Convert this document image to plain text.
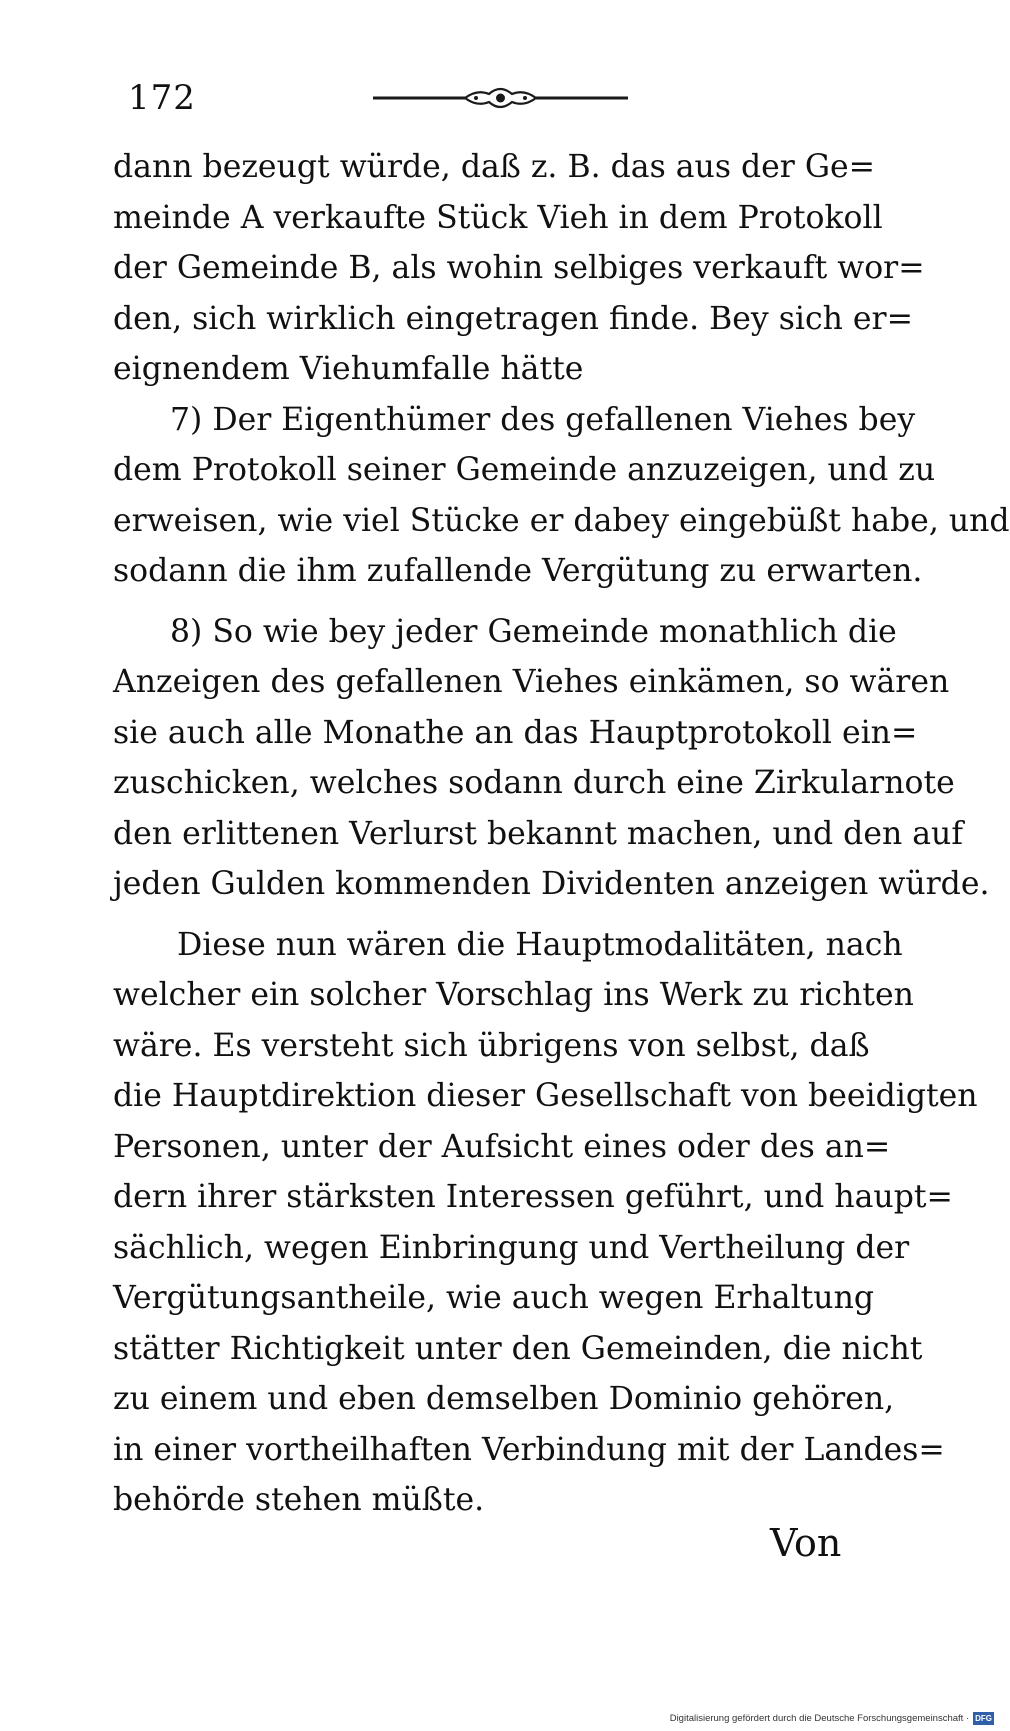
172
dann bezeugt würde, daß z. B. das aus der Ge=
meinde A verkaufte Stück Vieh in dem Protokoll
der Gemeinde B, als wohin selbiges verkauft wor=
den, sich wirklich eingetragen finde. Bey sich er=
eignendem Viehumfalle hätte
7) Der Eigenthümer des gefallenen Viehes bey
dem Protokoll seiner Gemeinde anzuzeigen, und zu
erweisen, wie viel Stücke er dabey eingebüßt habe, und
sodann die ihm zufallende Vergütung zu erwarten.
8) So wie bey jeder Gemeinde monathlich die
Anzeigen des gefallenen Viehes einkämen, so wären
sie auch alle Monathe an das Hauptprotokoll ein=
zuschicken, welches sodann durch eine Zirkularnote
den erlittenen Verlurst bekannt machen, und den auf
jeden Gulden kommenden Dividenten anzeigen würde.
Diese nun wären die Hauptmodalitäten, nach
welcher ein solcher Vorschlag ins Werk zu richten
wäre. Es versteht sich übrigens von selbst, daß
die Hauptdirektion dieser Gesellschaft von beeidigten
Personen, unter der Aufsicht eines oder des an=
dern ihrer stärksten Interessen geführt, und haupt=
sächlich, wegen Einbringung und Vertheilung der
Vergütungsantheile, wie auch wegen Erhaltung
stätter Richtigkeit unter den Gemeinden, die nicht
zu einem und eben demselben Dominio gehören,
in einer vortheilhaften Verbindung mit der Landes=
behörde stehen müßte.
Von
Digitalisierung gefördert durch die Deutsche Forschungsgemeinschaft · DFG
